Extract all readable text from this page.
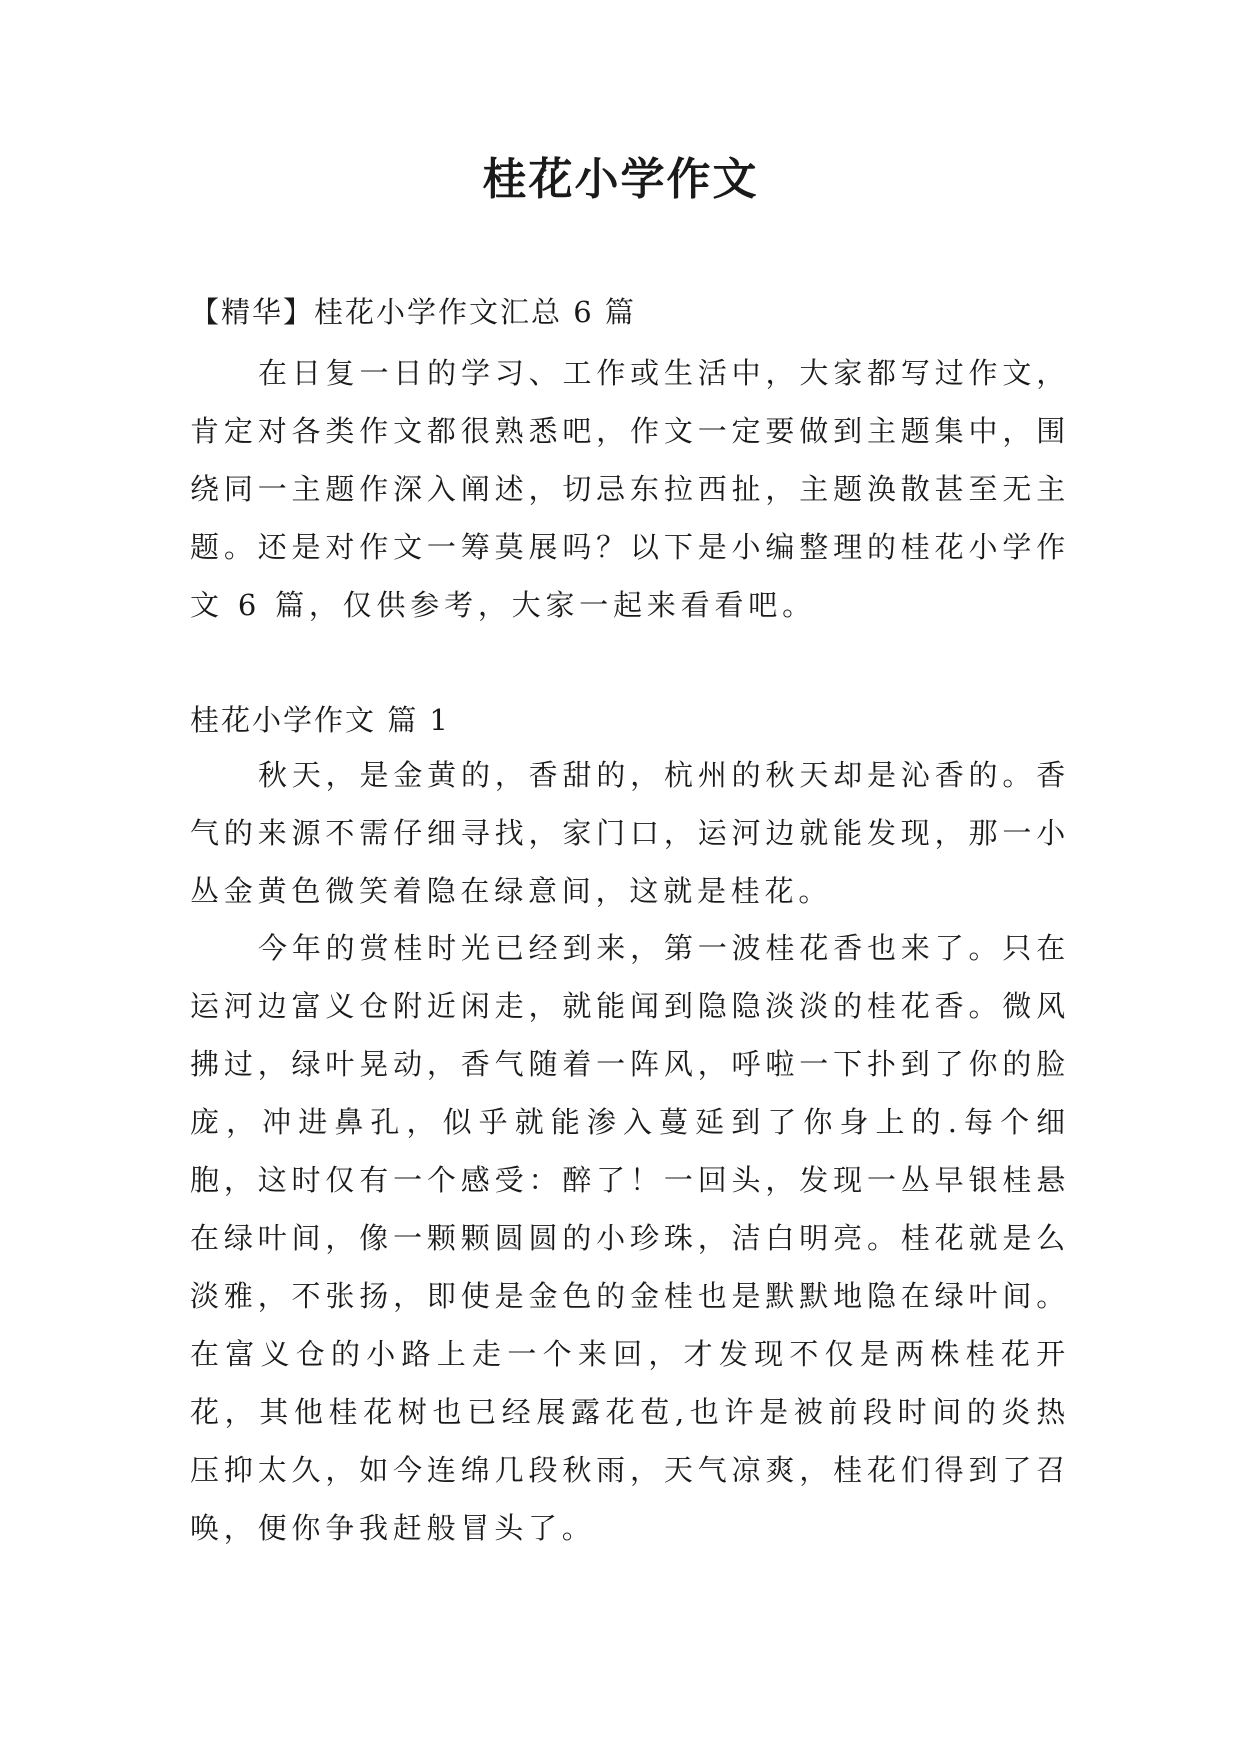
桂花小学作文

【精华】桂花小学作文汇总 6 篇

在日复一日的学习、工作或生活中，大家都写过作文，肯定对各类作文都很熟悉吧，作文一定要做到主题集中，围绕同一主题作深入阐述，切忌东拉西扯，主题涣散甚至无主题。还是对作文一筹莫展吗？以下是小编整理的桂花小学作文 6 篇，仅供参考，大家一起来看看吧。

桂花小学作文 篇 1

秋天，是金黄的，香甜的，杭州的秋天却是沁香的。香气的来源不需仔细寻找，家门口，运河边就能发现，那一小丛金黄色微笑着隐在绿意间，这就是桂花。

今年的赏桂时光已经到来，第一波桂花香也来了。只在运河边富义仓附近闲走，就能闻到隐隐淡淡的桂花香。微风拂过，绿叶晃动，香气随着一阵风，呼啦一下扑到了你的脸庞，冲进鼻孔，似乎就能渗入蔓延到了你身上的.每个细胞，这时仅有一个感受：醉了！一回头，发现一丛早银桂悬在绿叶间，像一颗颗圆圆的小珍珠，洁白明亮。桂花就是么淡雅，不张扬，即使是金色的金桂也是默默地隐在绿叶间。在富义仓的小路上走一个来回，才发现不仅是两株桂花开花，其他桂花树也已经展露花苞,也许是被前段时间的炎热压抑太久，如今连绵几段秋雨，天气凉爽，桂花们得到了召唤，便你争我赶般冒头了。
